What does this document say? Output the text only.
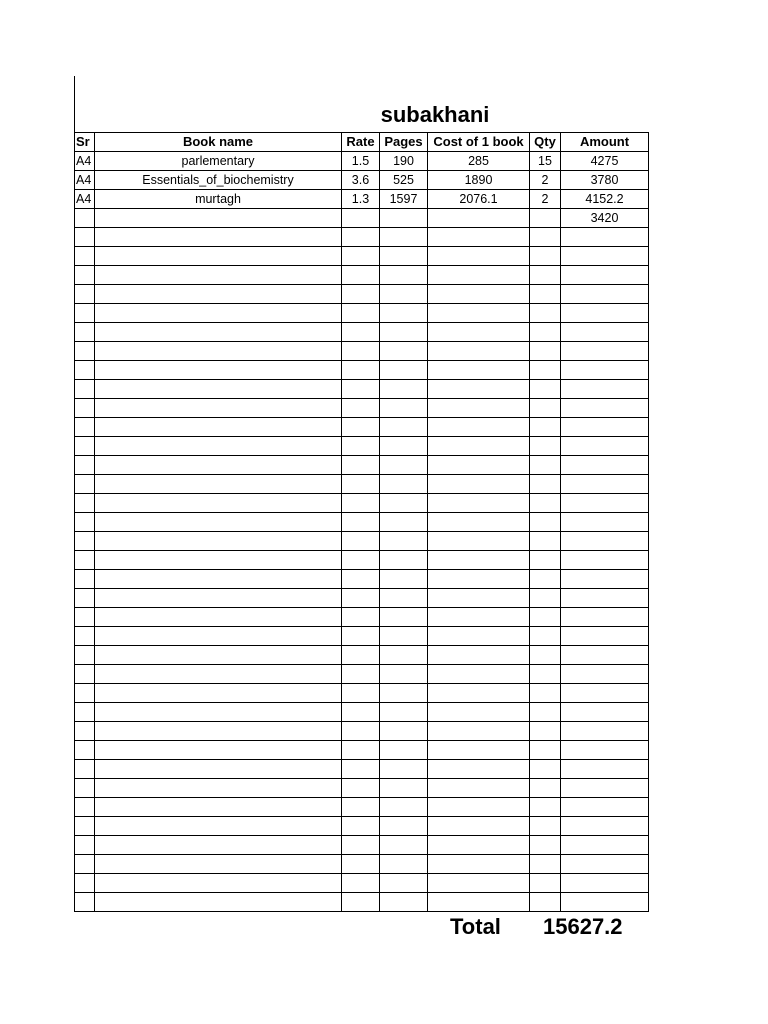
subakhani
Sr	Book name	Rate	Pages	Cost of 1 book	Qty	Amount
A4	parlementary	1.5	190	285	15	4275
A4	Essentials_of_biochemistry	3.6	525	1890	2	3780
A4	murtagh	1.3	1597	2076.1	2	4152.2
						3420

Total 15627.2
